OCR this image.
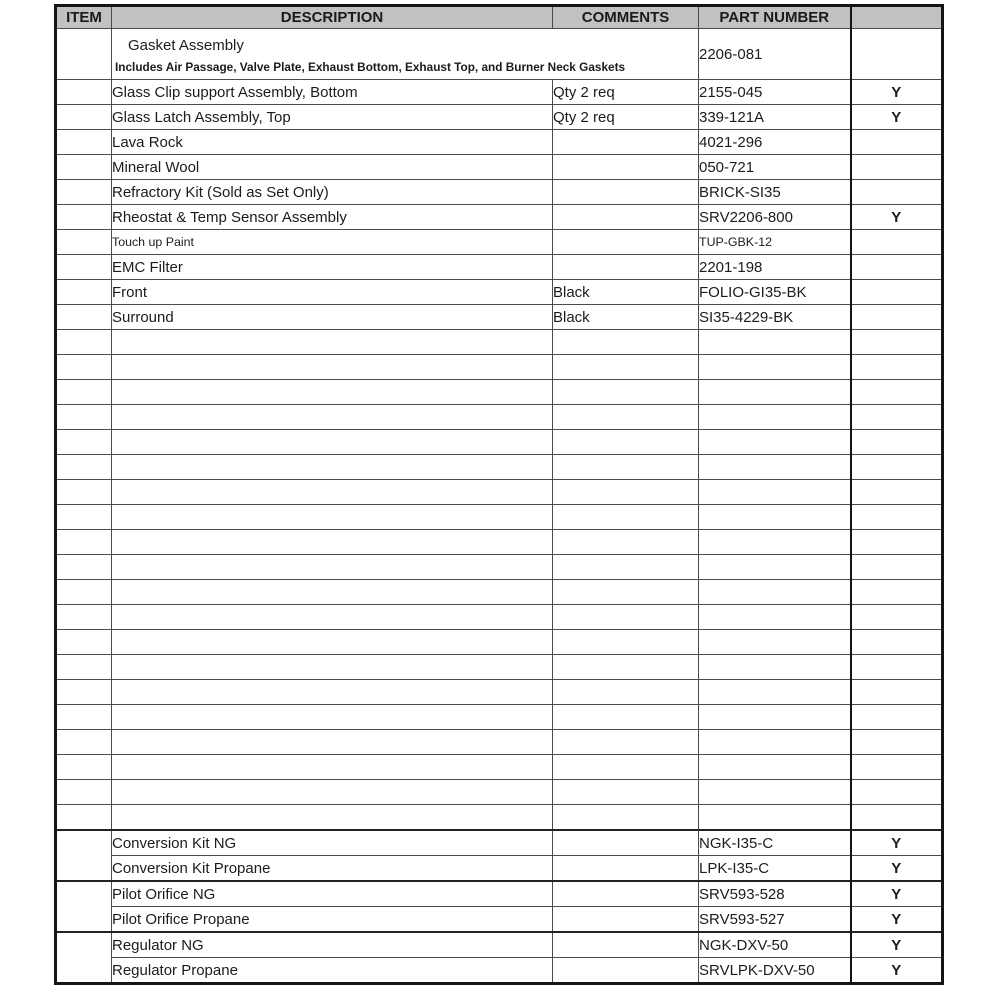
ITEM	DESCRIPTION	COMMENTS	PART NUMBER	

	Gasket Assembly
Includes Air Passage, Valve Plate, Exhaust Bottom, Exhaust Top, and Burner Neck Gaskets		2206-081	
	Glass Clip support Assembly, Bottom	Qty 2 req	2155-045	Y
	Glass Latch Assembly, Top	Qty 2 req	339-121A	Y
	Lava Rock		4021-296	
	Mineral Wool		050-721	
	Refractory Kit (Sold as Set Only)		BRICK-SI35	
	Rheostat & Temp Sensor Assembly		SRV2206-800	Y
	Touch up Paint		TUP-GBK-12	
	EMC Filter		2201-198	
	Front	Black	FOLIO-GI35-BK	
	Surround	Black	SI35-4229-BK	

	Conversion Kit NG		NGK-I35-C	Y
	Conversion Kit Propane		LPK-I35-C	Y
	Pilot Orifice NG		SRV593-528	Y
	Pilot Orifice Propane		SRV593-527	Y
	Regulator NG		NGK-DXV-50	Y
	Regulator Propane		SRVLPK-DXV-50	Y
